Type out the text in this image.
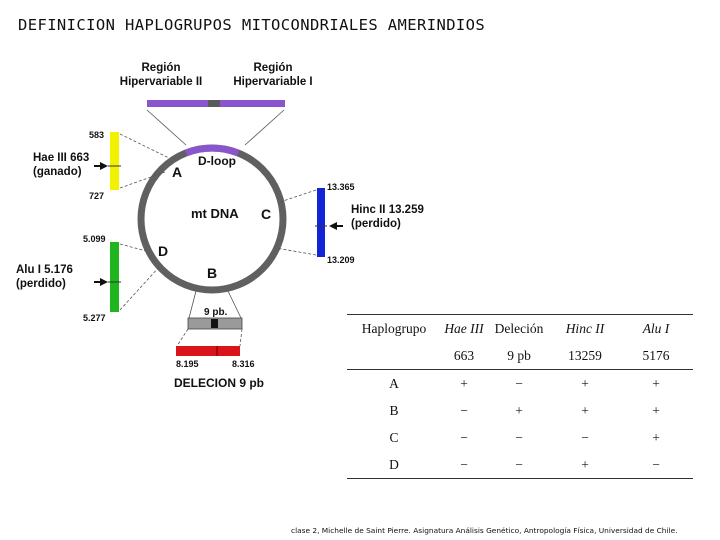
DEFINICION HAPLOGRUPOS MITOCONDRIALES AMERINDIOS
Región
Hipervariable II
Región
Hipervariable I
D-loop
mt DNA
A
B
C
D
583
727
Hae III 663
(ganado)
5.099
5.277
Alu I 5.176
(perdido)
13.365
13.209
Hinc II 13.259
(perdido)
9 pb.
8.195	8.316
DELECION 9 pb
Haplogrupo	Hae III	Deleción	Hinc II	Alu I
	663	9 pb	13259	5176
A	+	−	+	+
B	−	+	+	+
C	−	−	−	+
D	−	−	+	−
clase 2, Michelle de Saint Pierre. Asignatura Análisis Genético, Antropología Física, Universidad de Chile.
